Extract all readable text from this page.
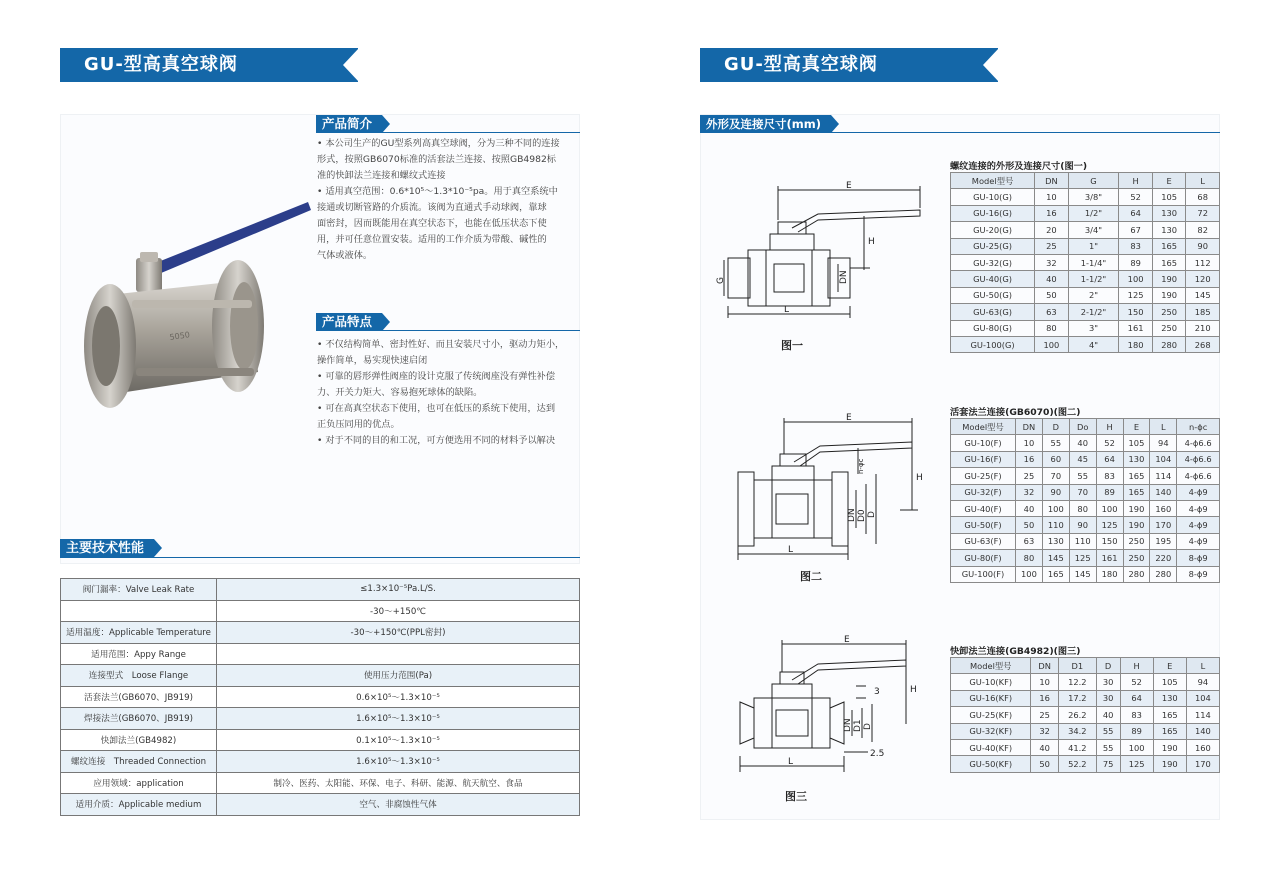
GU-型高真空球阀
5050
产品简介

• 本公司生产的GU型系列高真空球阀，分为三种不同的连接

形式，按照GB6070标准的活套法兰连接、按照GB4982标

准的快卸法兰连接和螺纹式连接

• 适用真空范围：0.6*10⁵～1.3*10⁻⁵pa。用于真空系统中

接通或切断管路的介质流。该阀为直通式手动球阀，靠球

面密封，因而既能用在真空状态下，也能在低压状态下使

用，并可任意位置安装。适用的工作介质为带酸、碱性的

气体或液体。

产品特点

• 不仅结构简单、密封性好、而且安装尺寸小，驱动力矩小，

操作简单，易实现快速启闭

• 可靠的唇形弹性阀座的设计克服了传统阀座没有弹性补偿

力、开关力矩大、容易抱死球体的缺陷。

• 可在高真空状态下使用，也可在低压的系统下使用，达到

正负压同用的优点。

• 对于不同的目的和工况，可方便选用不同的材料予以解决

主要技术性能
阀门漏率：Valve Leak Rate	≤1.3×10⁻⁵Pa.L/S.
	-30～+150℃
适用温度：Applicable Temperature	-30～+150℃(PPL密封)
适用范围：Appy Range	
连接型式　Loose Flange	使用压力范围(Pa)
活套法兰(GB6070、JB919)	0.6×10⁵～1.3×10⁻⁵
焊接法兰(GB6070、JB919)	1.6×10⁵～1.3×10⁻⁵
快卸法兰(GB4982)	0.1×10⁵～1.3×10⁻⁵
螺纹连接　Threaded Connection	1.6×10⁵～1.3×10⁻⁵
应用领域：application	制冷、医药、太阳能、环保、电子、科研、能源、航天航空、食品
适用介质：Applicable medium	空气、非腐蚀性气体
GU-型高真空球阀
外形及连接尺寸(mm)
E
H
G	DN
L
图一
螺纹连接的外形及连接尺寸(图一)
Model型号	DN	G	H	E	L
GU-10(G)	10	3/8"	52	105	68
GU-16(G)	16	1/2"	64	130	72
GU-20(G)	20	3/4"	67	130	82
GU-25(G)	25	1"	83	165	90
GU-32(G)	32	1-1/4"	89	165	112
GU-40(G)	40	1-1/2"	100	190	120
GU-50(G)	50	2"	125	190	145
GU-63(G)	63	2-1/2"	150	250	185
GU-80(G)	80	3"	161	250	210
GU-100(G)	100	4"	180	280	268
E
n-φc
H
DN D0 D
L
图二
活套法兰连接(GB6070)(图二)
Model型号	DN	D	Do	H	E	L	n-ϕc
GU-10(F)	10	55	40	52	105	94	4-ϕ6.6
GU-16(F)	16	60	45	64	130	104	4-ϕ6.6
GU-25(F)	25	70	55	83	165	114	4-ϕ6.6
GU-32(F)	32	90	70	89	165	140	4-ϕ9
GU-40(F)	40	100	80	100	190	160	4-ϕ9
GU-50(F)	50	110	90	125	190	170	4-ϕ9
GU-63(F)	63	130	110	150	250	195	4-ϕ9
GU-80(F)	80	145	125	161	250	220	8-ϕ9
GU-100(F)	100	165	145	180	280	280	8-ϕ9
E
3	H
DN D1 D
2.5
L
图三
快卸法兰连接(GB4982)(图三)
Model型号	DN	D1	D	H	E	L
GU-10(KF)	10	12.2	30	52	105	94
GU-16(KF)	16	17.2	30	64	130	104
GU-25(KF)	25	26.2	40	83	165	114
GU-32(KF)	32	34.2	55	89	165	140
GU-40(KF)	40	41.2	55	100	190	160
GU-50(KF)	50	52.2	75	125	190	170
